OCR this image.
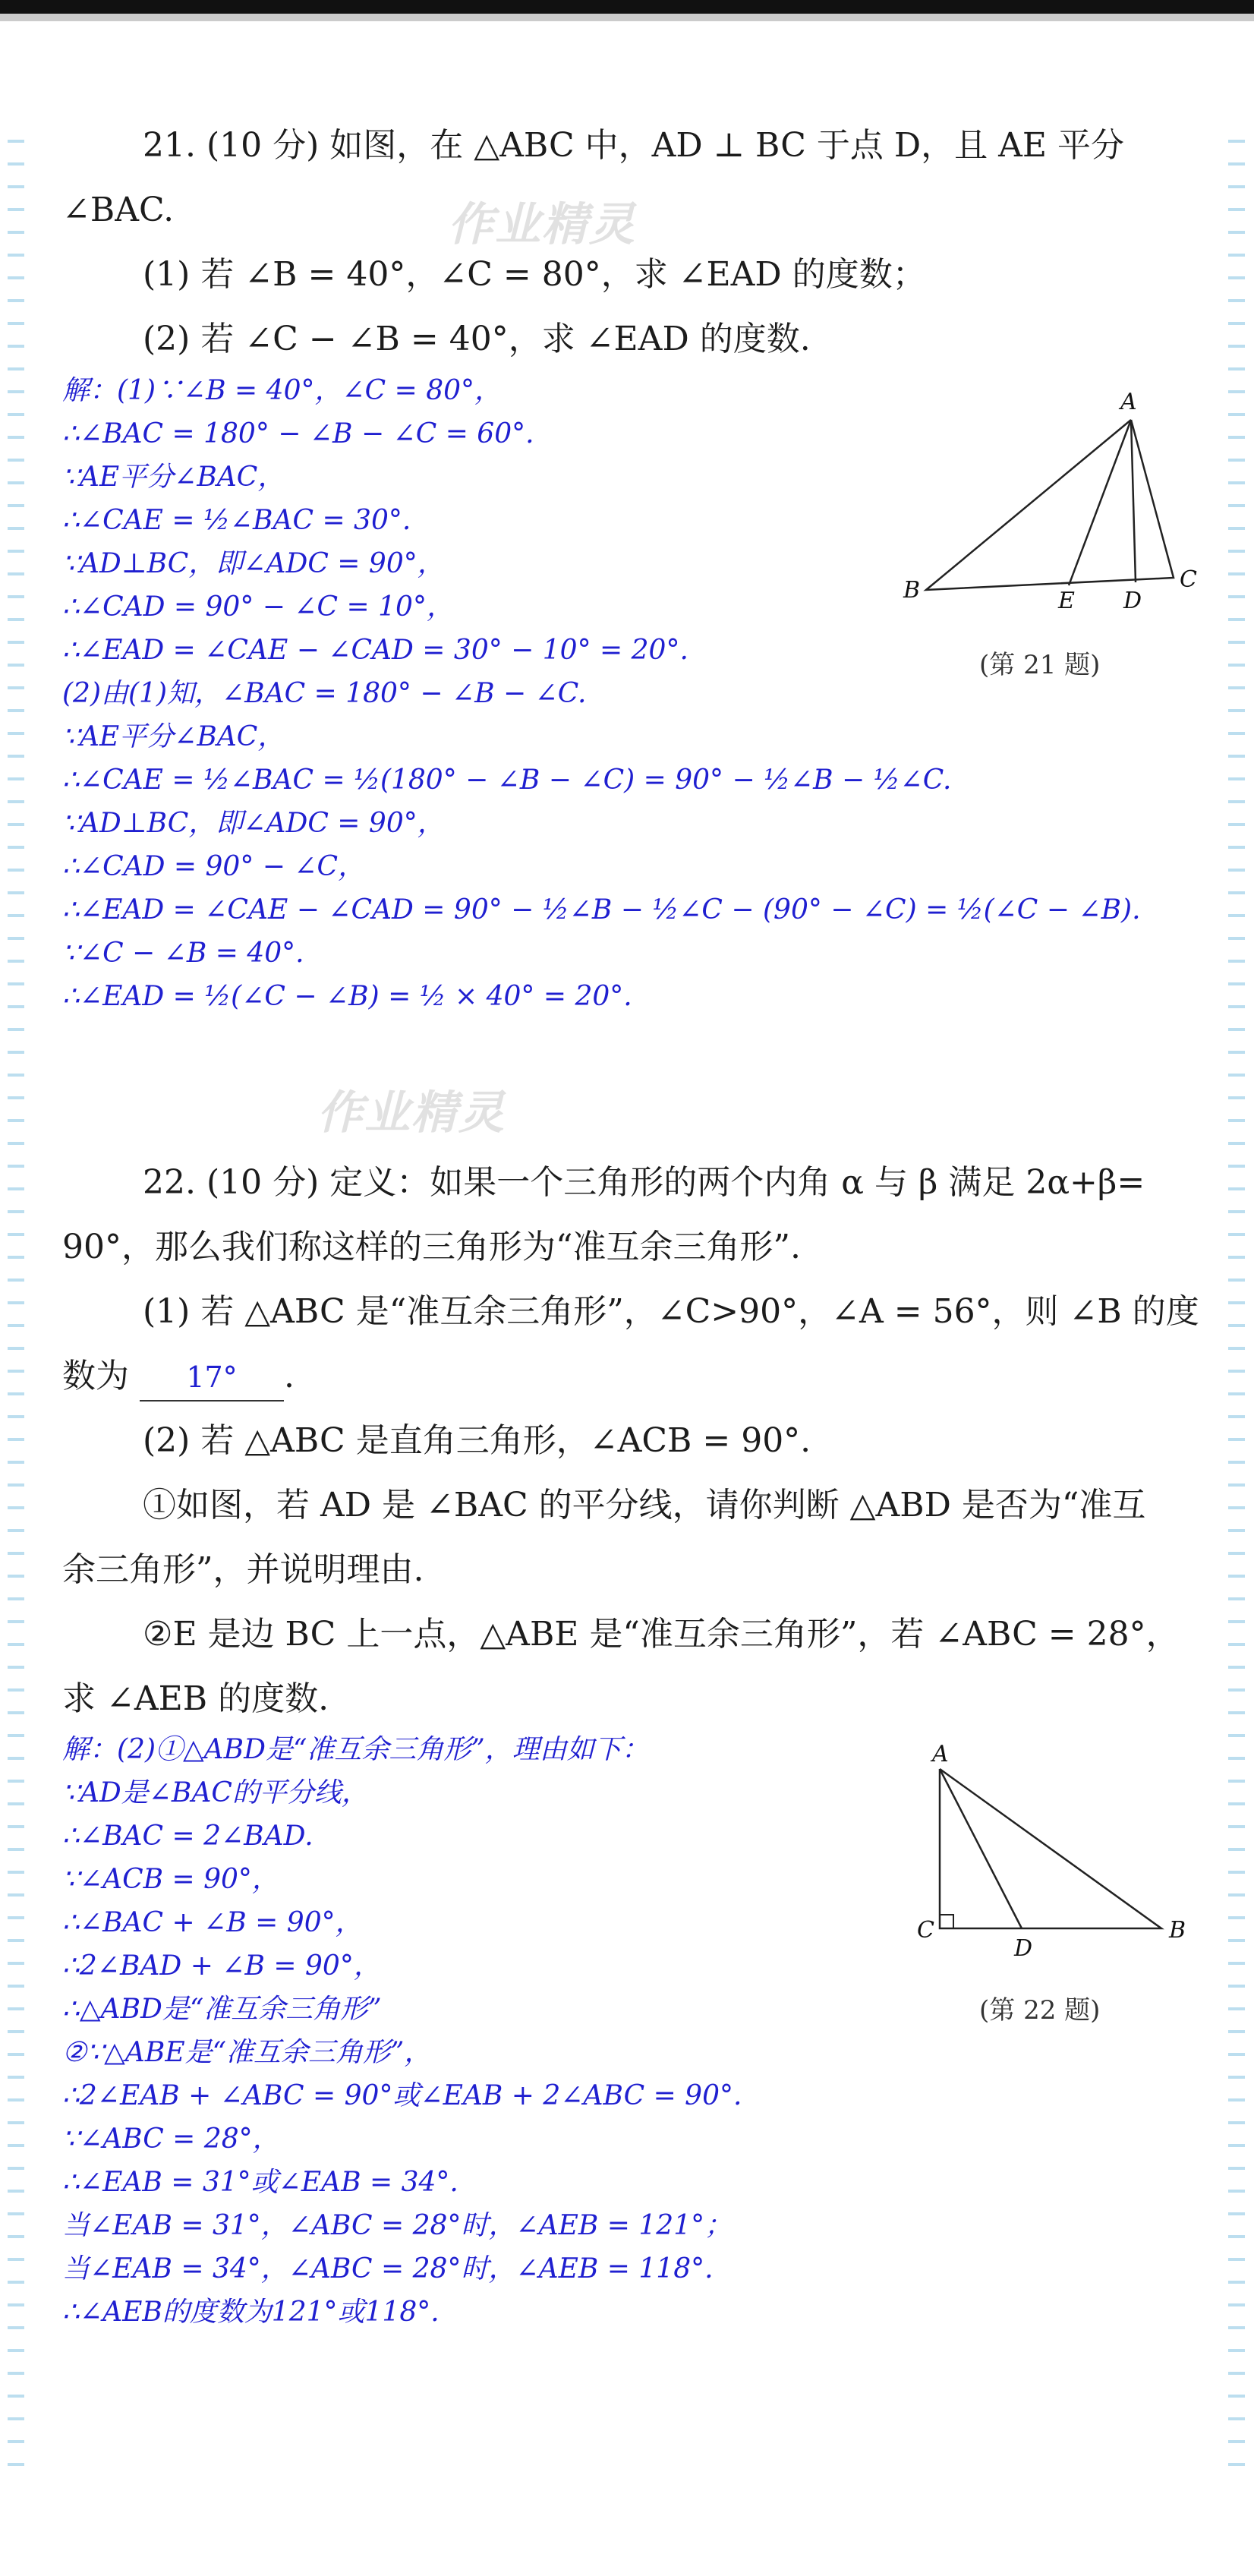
作业精灵
作业精灵
21. (10 分) 如图，在 △ABC 中，AD ⊥ BC 于点 D，且 AE 平分
∠BAC.
(1) 若 ∠B = 40°，∠C = 80°，求 ∠EAD 的度数；
(2) 若 ∠C − ∠B = 40°，求 ∠EAD 的度数.
解：(1)∵∠B = 40°，∠C = 80°，
∴∠BAC = 180° − ∠B − ∠C = 60°.
∵AE平分∠BAC，
∴∠CAE = ½∠BAC = 30°.
∵AD⊥BC，即∠ADC = 90°，
∴∠CAD = 90° − ∠C = 10°，
∴∠EAD = ∠CAE − ∠CAD = 30° − 10° = 20°.
(2)由(1)知，∠BAC = 180° − ∠B − ∠C.
∵AE平分∠BAC，
∴∠CAE = ½∠BAC = ½(180° − ∠B − ∠C) = 90° − ½∠B − ½∠C.
∵AD⊥BC，即∠ADC = 90°，
∴∠CAD = 90° − ∠C，
∴∠EAD = ∠CAE − ∠CAD = 90° − ½∠B − ½∠C − (90° − ∠C) = ½(∠C − ∠B).
∵∠C − ∠B = 40°.
∴∠EAD = ½(∠C − ∠B) = ½ × 40° = 20°.
A
B	C
D
E
(第 21 题)
22. (10 分) 定义：如果一个三角形的两个内角 α 与 β 满足 2α+β=
90°，那么我们称这样的三角形为“准互余三角形”.
(1) 若 △ABC 是“准互余三角形”，∠C>90°，∠A = 56°，则 ∠B 的度
数为 17° .
(2) 若 △ABC 是直角三角形，∠ACB = 90°.
①如图，若 AD 是 ∠BAC 的平分线，请你判断 △ABD 是否为“准互
余三角形”，并说明理由.
②E 是边 BC 上一点，△ABE 是“准互余三角形”，若 ∠ABC = 28°，
求 ∠AEB 的度数.
解：(2)①△ABD是“准互余三角形”，理由如下：
∵AD是∠BAC的平分线，
∴∠BAC = 2∠BAD.
∵∠ACB = 90°，
∴∠BAC + ∠B = 90°，
∴2∠BAD + ∠B = 90°，
∴△ABD是“准互余三角形”
②∵△ABE是“准互余三角形”，
∴2∠EAB + ∠ABC = 90°或∠EAB + 2∠ABC = 90°.
∵∠ABC = 28°，
∴∠EAB = 31°或∠EAB = 34°.
当∠EAB = 31°，∠ABC = 28°时，∠AEB = 121°；
当∠EAB = 34°，∠ABC = 28°时，∠AEB = 118°.
∴∠AEB的度数为121°或118°.
A
C
D
B
(第 22 题)
